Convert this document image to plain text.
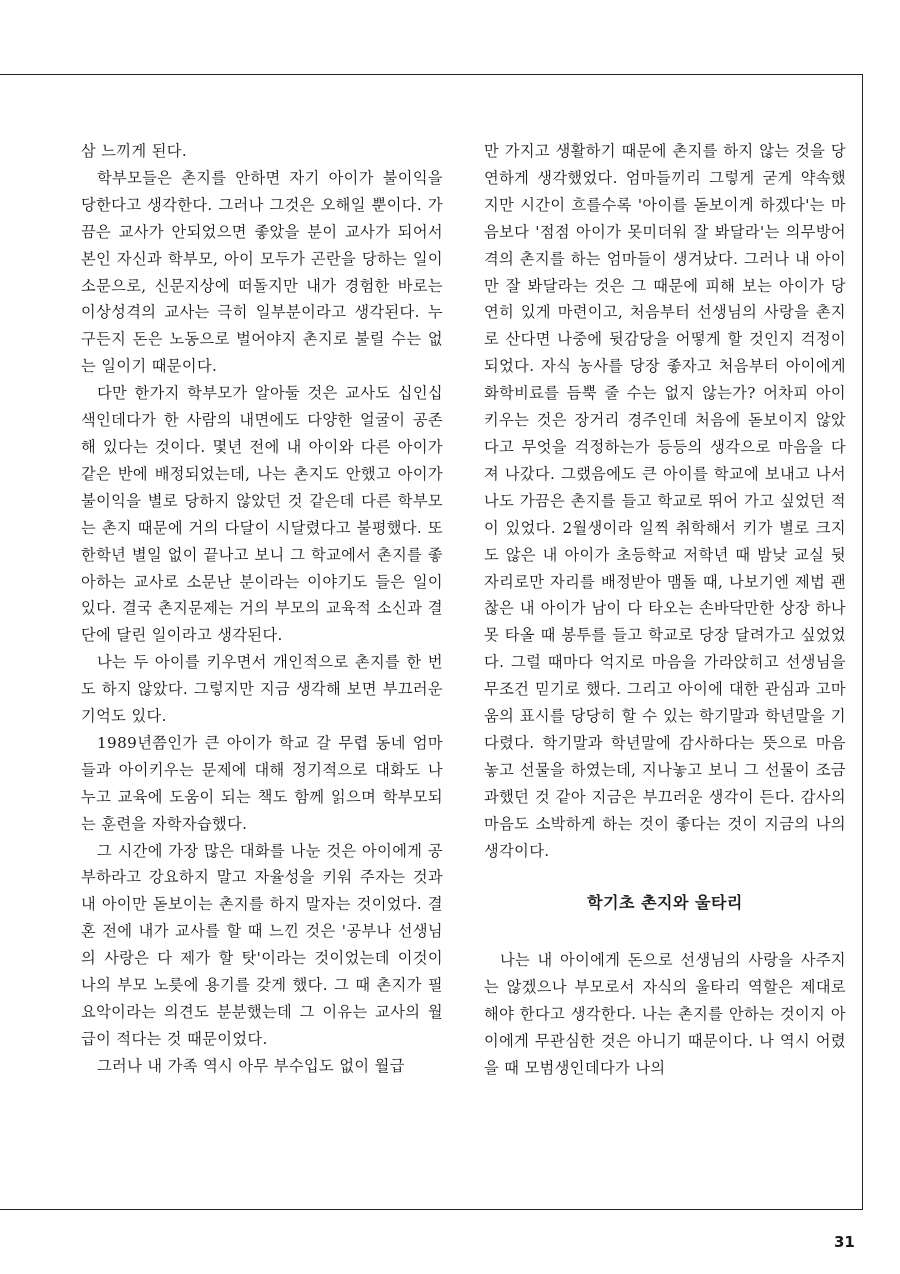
삼 느끼게 된다.

학부모들은 촌지를 안하면 자기 아이가 불이익을 당한다고 생각한다. 그러나 그것은 오해일 뿐이다. 가끔은 교사가 안되었으면 좋았을 분이 교사가 되어서 본인 자신과 학부모, 아이 모두가 곤란을 당하는 일이 소문으로, 신문지상에 떠돌지만 내가 경험한 바로는 이상성격의 교사는 극히 일부분이라고 생각된다. 누구든지 돈은 노동으로 벌어야지 촌지로 불릴 수는 없는 일이기 때문이다.

다만 한가지 학부모가 알아둘 것은 교사도 십인십색인데다가 한 사람의 내면에도 다양한 얼굴이 공존해 있다는 것이다. 몇년 전에 내 아이와 다른 아이가 같은 반에 배정되었는데, 나는 촌지도 안했고 아이가 불이익을 별로 당하지 않았던 것 같은데 다른 학부모는 촌지 때문에 거의 다달이 시달렸다고 불평했다. 또 한학년 별일 없이 끝나고 보니 그 학교에서 촌지를 좋아하는 교사로 소문난 분이라는 이야기도 들은 일이 있다. 결국 촌지문제는 거의 부모의 교육적 소신과 결단에 달린 일이라고 생각된다.

나는 두 아이를 키우면서 개인적으로 촌지를 한 번도 하지 않았다. 그렇지만 지금 생각해 보면 부끄러운 기억도 있다.

1989년쯤인가 큰 아이가 학교 갈 무렵 동네 엄마들과 아이키우는 문제에 대해 정기적으로 대화도 나누고 교육에 도움이 되는 책도 함께 읽으며 학부모되는 훈련을 자학자습했다.

그 시간에 가장 많은 대화를 나눈 것은 아이에게 공부하라고 강요하지 말고 자율성을 키워 주자는 것과 내 아이만 돋보이는 촌지를 하지 말자는 것이었다. 결혼 전에 내가 교사를 할 때 느낀 것은 '공부나 선생님의 사랑은 다 제가 할 탓'이라는 것이었는데 이것이 나의 부모 노릇에 용기를 갖게 했다. 그 때 촌지가 필요악이라는 의견도 분분했는데 그 이유는 교사의 월급이 적다는 것 때문이었다.

그러나 내 가족 역시 아무 부수입도 없이 월급

만 가지고 생활하기 때문에 촌지를 하지 않는 것을 당연하게 생각했었다. 엄마들끼리 그렇게 굳게 약속했지만 시간이 흐를수록 '아이를 돋보이게 하겠다'는 마음보다 '점점 아이가 못미더워 잘 봐달라'는 의무방어격의 촌지를 하는 엄마들이 생겨났다. 그러나 내 아이만 잘 봐달라는 것은 그 때문에 피해 보는 아이가 당연히 있게 마련이고, 처음부터 선생님의 사랑을 촌지로 산다면 나중에 뒷감당을 어떻게 할 것인지 걱정이 되었다. 자식 농사를 당장 좋자고 처음부터 아이에게 화학비료를 듬뿍 줄 수는 없지 않는가? 어차피 아이 키우는 것은 장거리 경주인데 처음에 돋보이지 않았다고 무엇을 걱정하는가 등등의 생각으로 마음을 다져 나갔다. 그랬음에도 큰 아이를 학교에 보내고 나서 나도 가끔은 촌지를 들고 학교로 뛰어 가고 싶었던 적이 있었다. 2월생이라 일찍 취학해서 키가 별로 크지도 않은 내 아이가 초등학교 저학년 때 밤낮 교실 뒷자리로만 자리를 배정받아 맴돌 때, 나보기엔 제법 괜찮은 내 아이가 남이 다 타오는 손바닥만한 상장 하나 못 타올 때 봉투를 들고 학교로 당장 달려가고 싶었었다. 그럴 때마다 억지로 마음을 가라앉히고 선생님을 무조건 믿기로 했다. 그리고 아이에 대한 관심과 고마움의 표시를 당당히 할 수 있는 학기말과 학년말을 기다렸다. 학기말과 학년말에 감사하다는 뜻으로 마음놓고 선물을 하였는데, 지나놓고 보니 그 선물이 조금 과했던 것 같아 지금은 부끄러운 생각이 든다. 감사의 마음도 소박하게 하는 것이 좋다는 것이 지금의 나의 생각이다.

학기초 촌지와 울타리

나는 내 아이에게 돈으로 선생님의 사랑을 사주지는 않겠으나 부모로서 자식의 울타리 역할은 제대로 해야 한다고 생각한다. 나는 촌지를 안하는 것이지 아이에게 무관심한 것은 아니기 때문이다. 나 역시 어렸을 때 모범생인데다가 나의

31
